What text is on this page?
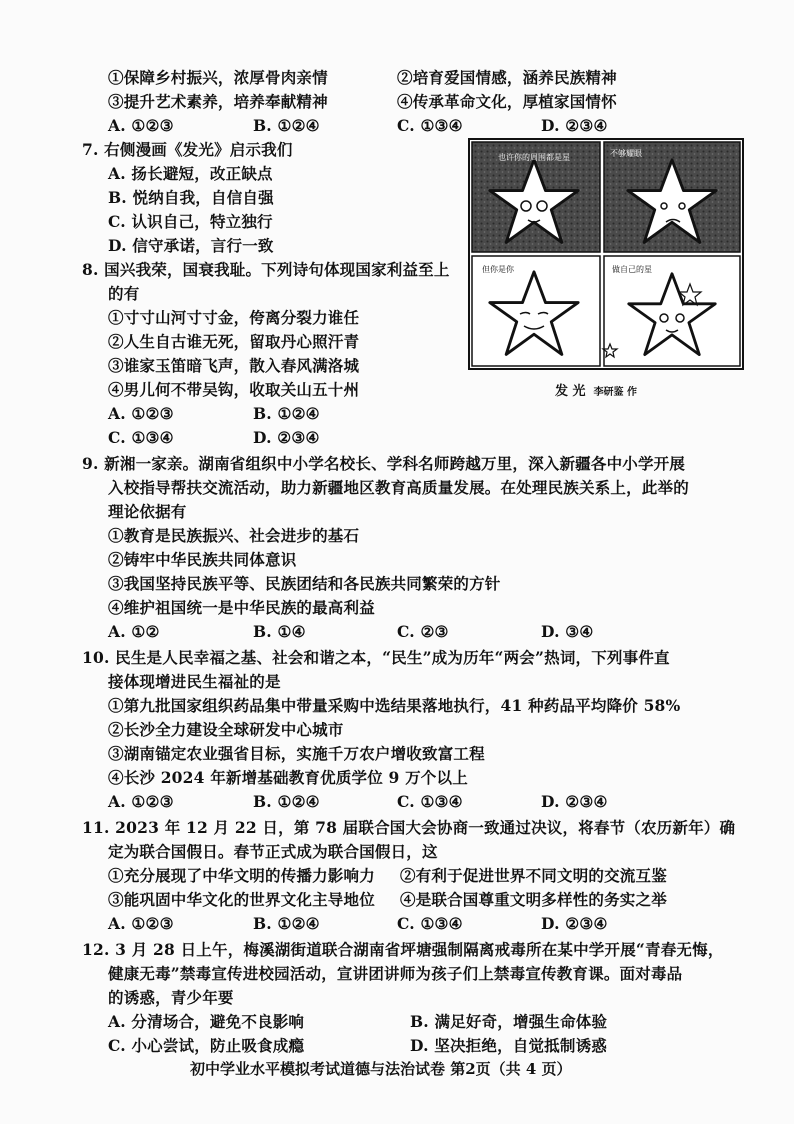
①保障乡村振兴，浓厚骨肉亲情	②培育爱国情感，涵养民族精神
③提升艺术素养，培养奉献精神	④传承革命文化，厚植家国情怀
A. ①②③	B. ①②④	C. ①③④	D. ②③④
7. 右侧漫画《发光》启示我们
A. 扬长避短，改正缺点
B. 悦纳自我，自信自强
C. 认识自己，特立独行
D. 信守承诺，言行一致
也许你的周围都是星	不够耀眼
但你是你	做自己的星
发 光 李研鉴 作
8. 国兴我荣，国衰我耻。下列诗句体现国家利益至上
的有
①寸寸山河寸寸金，侉离分裂力谁任
②人生自古谁无死，留取丹心照汗青
③谁家玉笛暗飞声，散入春风满洛城
④男儿何不带吴钩，收取关山五十州
A. ①②③	B. ①②④
C. ①③④	D. ②③④
9. 新湘一家亲。湖南省组织中小学名校长、学科名师跨越万里，深入新疆各中小学开展
入校指导帮扶交流活动，助力新疆地区教育高质量发展。在处理民族关系上，此举的
理论依据有
①教育是民族振兴、社会进步的基石
②铸牢中华民族共同体意识
③我国坚持民族平等、民族团结和各民族共同繁荣的方针
④维护祖国统一是中华民族的最高利益
A. ①②	B. ①④	C. ②③	D. ③④
10. 民生是人民幸福之基、社会和谐之本，“民生”成为历年“两会”热词，下列事件直
接体现增进民生福祉的是
①第九批国家组织药品集中带量采购中选结果落地执行，41 种药品平均降价 58%
②长沙全力建设全球研发中心城市
③湖南锚定农业强省目标，实施千万农户增收致富工程
④长沙 2024 年新增基础教育优质学位 9 万个以上
A. ①②③	B. ①②④	C. ①③④	D. ②③④
11. 2023 年 12 月 22 日，第 78 届联合国大会协商一致通过决议，将春节（农历新年）确
定为联合国假日。春节正式成为联合国假日，这
①充分展现了中华文明的传播力影响力 ②有利于促进世界不同文明的交流互鉴
③能巩固中华文化的世界文化主导地位 ④是联合国尊重文明多样性的务实之举
A. ①②③	B. ①②④	C. ①③④	D. ②③④
12. 3 月 28 日上午，梅溪湖街道联合湖南省坪塘强制隔离戒毒所在某中学开展“青春无悔，
健康无毒”禁毒宣传进校园活动，宣讲团讲师为孩子们上禁毒宣传教育课。面对毒品
的诱惑，青少年要
A. 分清场合，避免不良影响	B. 满足好奇，增强生命体验
C. 小心尝试，防止吸食成瘾	D. 坚决拒绝，自觉抵制诱惑
初中学业水平模拟考试道德与法治试卷 第2页（共 4 页）
